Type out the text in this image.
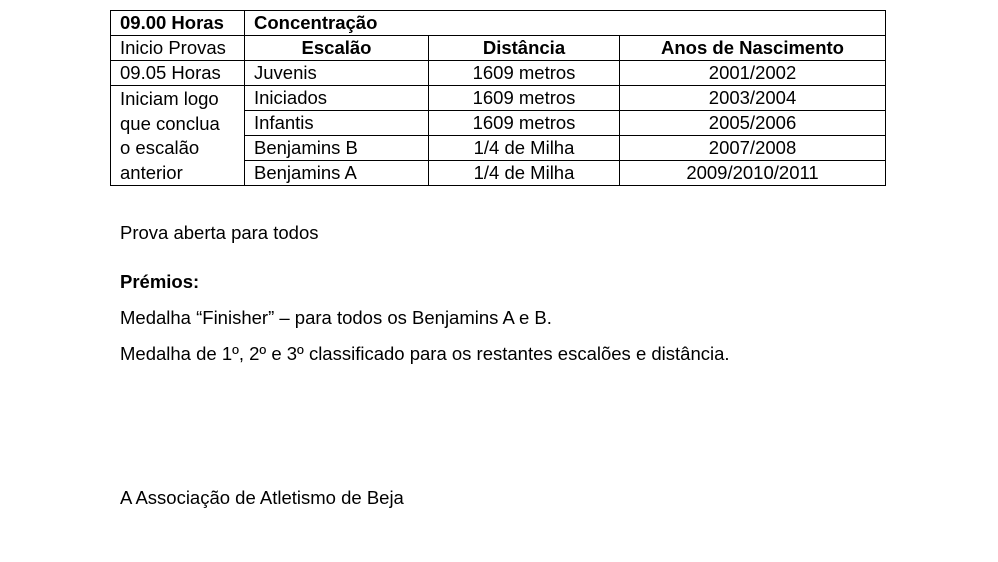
09.00 Horas	Concentração		
Inicio Provas	Escalão	Distância	Anos de Nascimento
09.05 Horas	Juvenis	1609 metros	2001/2002
Iniciam logo
que conclua
o escalão
anterior	Iniciados	1609 metros	2003/2004
	Infantis	1609 metros	2005/2006
	Benjamins B	1/4 de Milha	2007/2008
	Benjamins A	1/4 de Milha	2009/2010/2011

Prova aberta para todos

Prémios:

Medalha “Finisher” – para todos os Benjamins A e B.

Medalha de 1º, 2º e 3º classificado para os restantes escalões e distância.

A Associação de Atletismo de Beja
